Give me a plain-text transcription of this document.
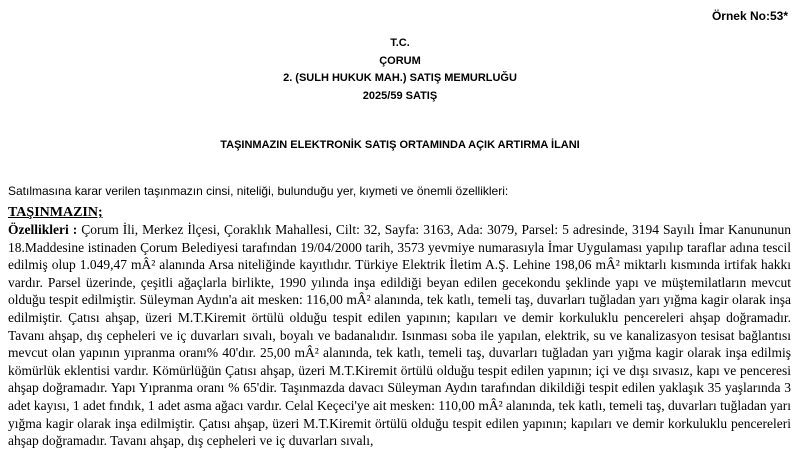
Örnek No:53*
T.C.
ÇORUM
2. (SULH HUKUK MAH.) SATIŞ MEMURLUĞU
2025/59 SATIŞ
TAŞINMAZIN ELEKTRONİK SATIŞ ORTAMINDA AÇIK ARTIRMA İLANI
Satılmasına karar verilen taşınmazın cinsi, niteliği, bulunduğu yer, kıymeti ve önemli özellikleri:
TAŞINMAZIN;

Özellikleri : Çorum İli, Merkez İlçesi, Çoraklık Mahallesi, Cilt: 32, Sayfa: 3163, Ada: 3079, Parsel: 5 adresinde, 3194 Sayılı İmar Kanununun 18.Maddesine istinaden Çorum Belediyesi tarafından 19/04/2000 tarih, 3573 yevmiye numarasıyla İmar Uygulaması yapılıp taraflar adına tescil edilmiş olup 1.049,47 mÂ² alanında Arsa niteliğinde kayıtlıdır. Türkiye Elektrik İletim A.Ş. Lehine 198,06 mÂ² miktarlı kısmında irtifak hakkı vardır. Parsel üzerinde, çeşitli ağaçlarla birlikte, 1990 yılında inşa edildiği beyan edilen gecekondu şeklinde yapı ve müştemilatların mevcut olduğu tespit edilmiştir. Süleyman Aydın'a ait mesken: 116,00 mÂ² alanında, tek katlı, temeli taş, duvarları tuğladan yarı yığma kagir olarak inşa edilmiştir. Çatısı ahşap, üzeri M.T.Kiremit örtülü olduğu tespit edilen yapının; kapıları ve demir korkuluklu pencereleri ahşap doğramadır. Tavanı ahşap, dış cepheleri ve iç duvarları sıvalı, boyalı ve badanalıdır. Isınması soba ile yapılan, elektrik, su ve kanalizasyon tesisat bağlantısı mevcut olan yapının yıpranma oranı% 40'dır. 25,00 mÂ² alanında, tek katlı, temeli taş, duvarları tuğladan yarı yığma kagir olarak inşa edilmiş kömürlük eklentisi vardır. Kömürlüğün Çatısı ahşap, üzeri M.T.Kiremit örtülü olduğu tespit edilen yapının; içi ve dışı sıvasız, kapı ve penceresi ahşap doğramadır. Yapı Yıpranma oranı % 65'dir. Taşınmazda davacı Süleyman Aydın tarafından dikildiği tespit edilen yaklaşık 35 yaşlarında 3 adet kayısı, 1 adet fındık, 1 adet asma ağacı vardır. Celal Keçeci'ye ait mesken: 110,00 mÂ² alanında, tek katlı, temeli taş, duvarları tuğladan yarı yığma kagir olarak inşa edilmiştir. Çatısı ahşap, üzeri M.T.Kiremit örtülü olduğu tespit edilen yapının; kapıları ve demir korkuluklu pencereleri ahşap doğramadır. Tavanı ahşap, dış cepheleri ve iç duvarları sıvalı,
